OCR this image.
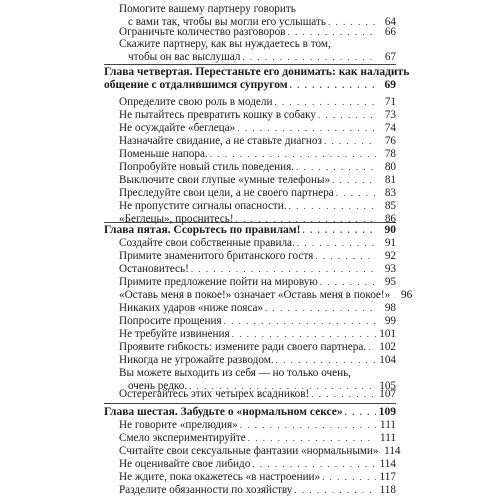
Помогите вашему партнеру говорить
с вами так, чтобы вы могли его услышать . . .	64
Ограничьте количество разговоров . . .	66
Скажите партнеру, как вы нуждаетесь в том,
чтобы он вас выслушал . . .	67
Глава четвертая. Перестаньте его донимать: как наладить
общение с отдалившимся супругом . . .	69
Определите свою роль в модели . . .	71
Не пытайтесь превратить кошку в собаку . . .	73
Не осуждайте «беглеца» . . .	74
Назначайте свидание, а не ставьте диагноз . . .	76
Поменьше напора. . . .	78
Попробуйте новый стиль поведения. . . .	80
Выключите свои глупые «умные телефоны» . . .	81
Преследуйте свои цели, а не своего партнера . . .	83
Не пропустите сигналы опасности. . . .	85
«Беглецы», проснитесь! . . .	86
Глава пятая. Ссорьтесь по правилам! . . .	90
Создайте свои собственные правила. . . .	91
Примите знаменитого британского гостя . . .	92
Остановитесь! . . .	93
Примите предложение пойти на мировую . . .	95
«Оставь меня в покое!» означает «Оставь меня в покое!» 96
Никаких ударов «ниже пояса» . . .	98
Попросите прощения . . .	99
Не требуйте извинения . . .	101
Проявите гибкость: измените ради своего партнера. . . . 102
Никогда не угрожайте разводом. . . .	104
Вы можете выходить из себя — но только очень,
очень редко. . . .	105
Остерегайтесь этих четырех всадников! . . .	107
Глава шестая. Забудьте о «нормальном сексе» . . .	109
Не говорите «прелюдия» . . .	111
Смело экспериментируйте . . .	111
Считайте свои сексуальные фантазии «нормальными» 114
Не оценивайте свое либидо . . .	114
Не ждите, пока окажетесь «в настроении» . . .	117
Разделите обязанности по хозяйству . . .	118
